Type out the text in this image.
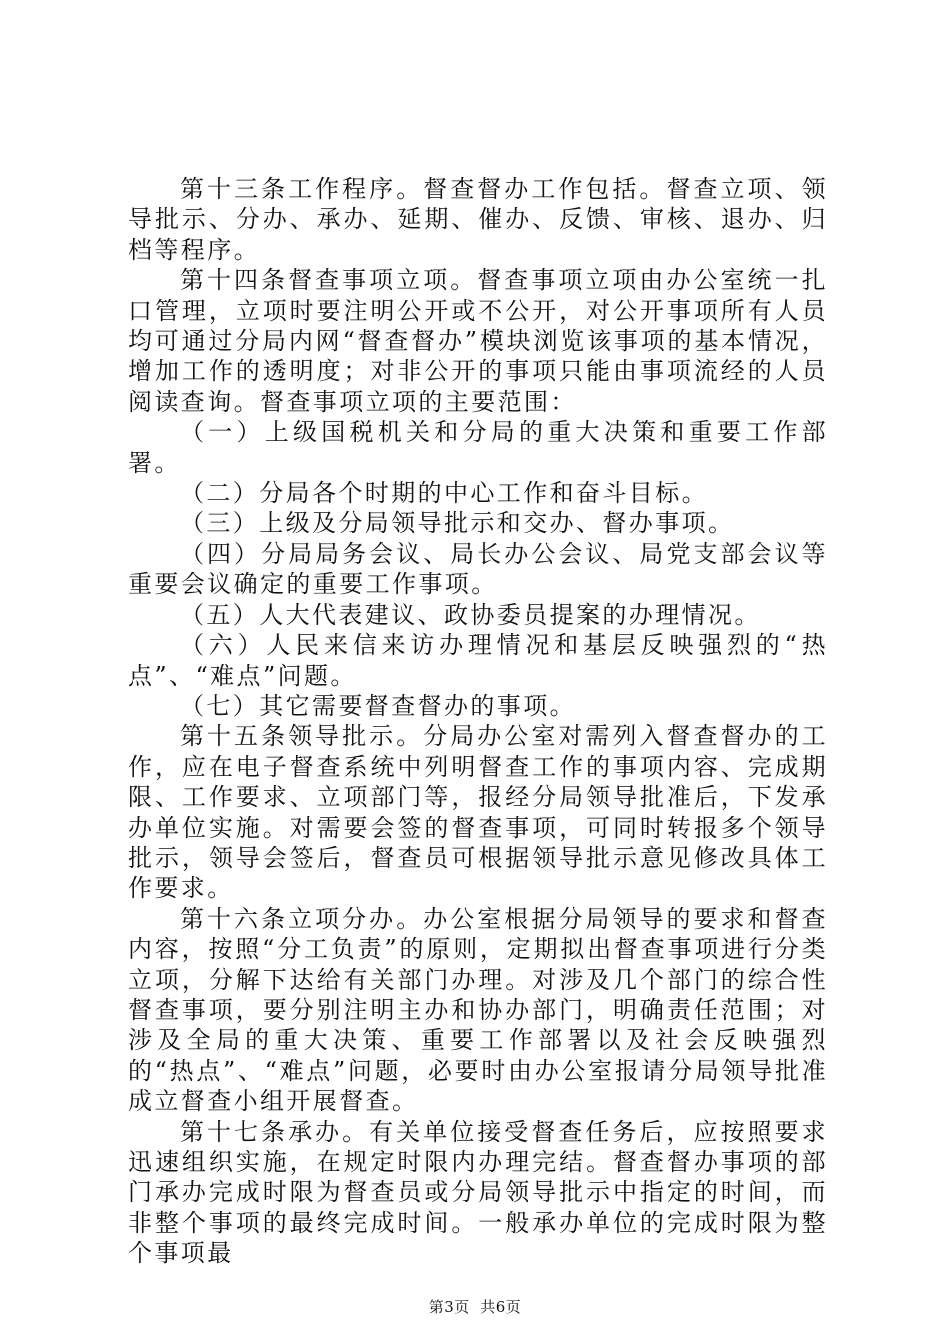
第十三条工作程序。督查督办工作包括。督查立项、领导批示、分办、承办、延期、催办、反馈、审核、退办、归档等程序。

第十四条督查事项立项。督查事项立项由办公室统一扎口管理，立项时要注明公开或不公开，对公开事项所有人员均可通过分局内网“督查督办”模块浏览该事项的基本情况，增加工作的透明度；对非公开的事项只能由事项流经的人员阅读查询。督查事项立项的主要范围：

（一）上级国税机关和分局的重大决策和重要工作部署。

（二）分局各个时期的中心工作和奋斗目标。

（三）上级及分局领导批示和交办、督办事项。

（四）分局局务会议、局长办公会议、局党支部会议等重要会议确定的重要工作事项。

（五）人大代表建议、政协委员提案的办理情况。

（六）人民来信来访办理情况和基层反映强烈的“热点”、“难点”问题。

（七）其它需要督查督办的事项。

第十五条领导批示。分局办公室对需列入督查督办的工作，应在电子督查系统中列明督查工作的事项内容、完成期限、工作要求、立项部门等，报经分局领导批准后，下发承办单位实施。对需要会签的督查事项，可同时转报多个领导批示，领导会签后，督查员可根据领导批示意见修改具体工作要求。

第十六条立项分办。办公室根据分局领导的要求和督查内容，按照“分工负责”的原则，定期拟出督查事项进行分类立项，分解下达给有关部门办理。对涉及几个部门的综合性督查事项，要分别注明主办和协办部门，明确责任范围；对涉及全局的重大决策、重要工作部署以及社会反映强烈的“热点”、“难点”问题，必要时由办公室报请分局领导批准成立督查小组开展督查。

第十七条承办。有关单位接受督查任务后，应按照要求迅速组织实施，在规定时限内办理完结。督查督办事项的部门承办完成时限为督查员或分局领导批示中指定的时间，而非整个事项的最终完成时间。一般承办单位的完成时限为整个事项最

第3页  共6页
